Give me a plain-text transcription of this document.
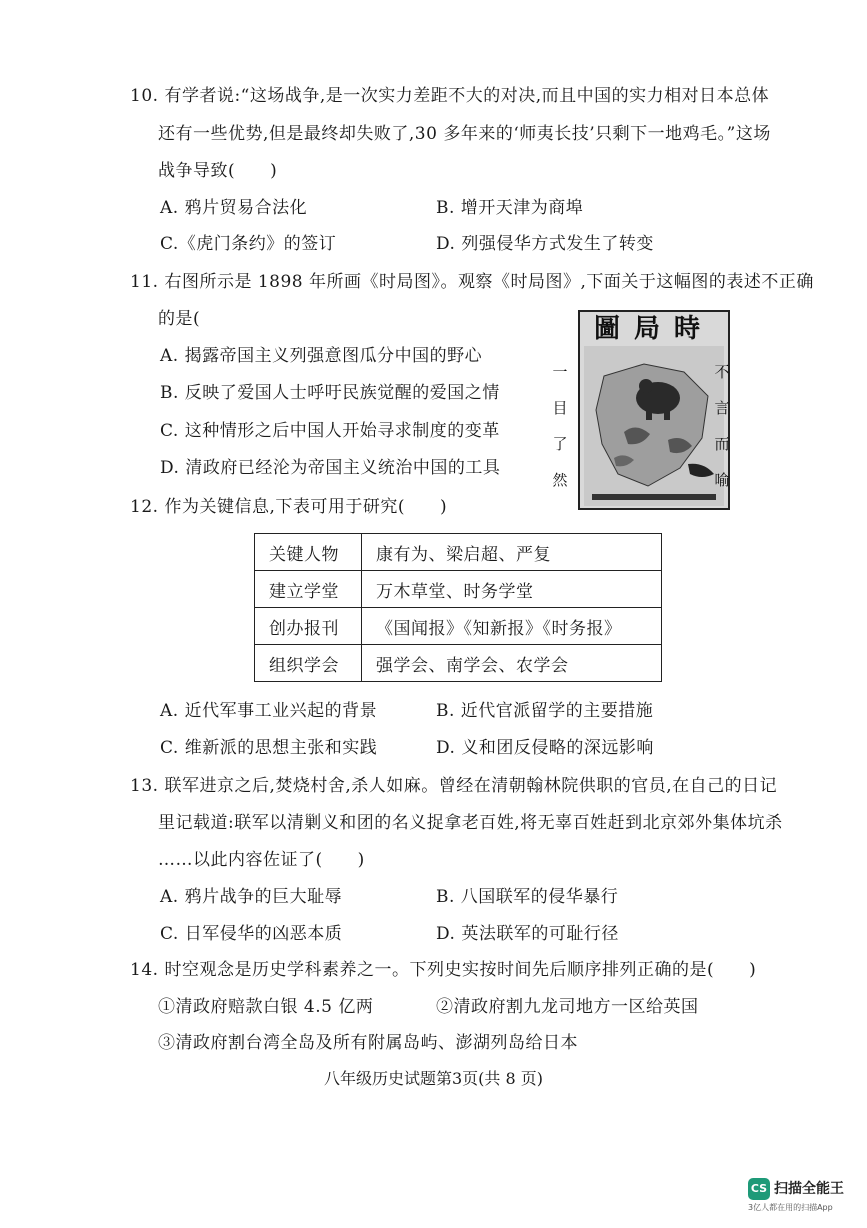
10. 有学者说:“这场战争,是一次实力差距不大的对决,而且中国的实力相对日本总体
还有一些优势,但是最终却失败了,30 多年来的‘师夷长技’只剩下一地鸡毛。”这场
战争导致(　　)
A. 鸦片贸易合法化	B. 增开天津为商埠
C.《虎门条约》的签订	D. 列强侵华方式发生了转变
11. 右图所示是 1898 年所画《时局图》。观察《时局图》,下面关于这幅图的表述不正确
的是(
A. 揭露帝国主义列强意图瓜分中国的野心
B. 反映了爱国人士呼吁民族觉醒的爱国之情
C. 这种情形之后中国人开始寻求制度的变革
D. 清政府已经沦为帝国主义统治中国的工具
一
目
了
然
圖局時
不
言
而
喻
12. 作为关键信息,下表可用于研究(　　)
关键人物	康有为、梁启超、严复
建立学堂	万木草堂、时务学堂
创办报刊	《国闻报》《知新报》《时务报》
组织学会	强学会、南学会、农学会
A. 近代军事工业兴起的背景	B. 近代官派留学的主要措施
C. 维新派的思想主张和实践	D. 义和团反侵略的深远影响
13. 联军进京之后,焚烧村舍,杀人如麻。曾经在清朝翰林院供职的官员,在自己的日记
里记载道:联军以清剿义和团的名义捉拿老百姓,将无辜百姓赶到北京郊外集体坑杀
……以此内容佐证了(　　)
A. 鸦片战争的巨大耻辱	B. 八国联军的侵华暴行
C. 日军侵华的凶恶本质	D. 英法联军的可耻行径
14. 时空观念是历史学科素养之一。下列史实按时间先后顺序排列正确的是(　　)
①清政府赔款白银 4.5 亿两	②清政府割九龙司地方一区给英国
③清政府割台湾全岛及所有附属岛屿、澎湖列岛给日本
八年级历史试题第3页(共 8 页)
CS 扫描全能王
3亿人都在用的扫描App
